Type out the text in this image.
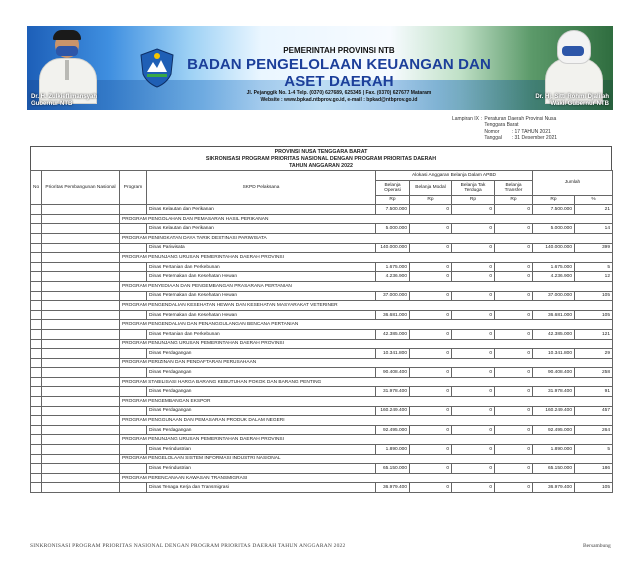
Dr. H. Zulkieflimansyah
Gubernur NTB
Dr. Hj. Sitti Rohmi Djalilah
Wakil Gubernur NTB
PEMERINTAH PROVINSI NTB
BADAN PENGELOLAAN KEUANGAN DAN ASET DAERAH
Jl. Pejanggik No. 1-4 Telp. (0370) 627689, 625345 | Fax. (0370) 627677 Mataram
Website : www.bpkad.ntbprov.go.id, e-mail : bpkad@ntbprov.go.id
Lampiran IX	:	Peraturan Daerah Provinsi Nusa
Tenggara Barat
		Nomor : 17 TAHUN 2021
		Tanggal : 31 Desember 2021
PROVINSI NUSA TENGGARA BARAT
SIKRONISASI PROGRAM PRIORITAS NASIONAL DENGAN PROGRAM PRIORITAS DAERAH
TAHUN ANGGARAN 2022
No	Prioritas Pembangunan Nasional	Program	SKPD Pelaksana	Alokasi Anggaran Belanja Dalam APBD				Jumlah	
				Belanja Operasi	Belanja Modal	Belanja Tak Terduga	Belanja Transfer		
				Rp	Rp	Rp	Rp	Rp	%
			Dinas Kelautan dan Perikanan	7.500.000	0	0	0	7.500.000	21
		PROGRAM PENGOLAHAN DAN PEMASARAN HASIL PERIKANAN							
			Dinas Kelautan dan Perikanan	5.000.000	0	0	0	5.000.000	14
		PROGRAM PENINGKATAN DAYA TARIK DESTINASI PARIWISATA							
			Dinas Pariwisata	140.000.000	0	0	0	140.000.000	399
		PROGRAM PENUNJANG URUSAN PEMERINTAHAN DAERAH PROVINSI							
			Dinas Pertanian dan Perkebunan	1.675.000	0	0	0	1.675.000	5
			Dinas Peternakan dan Kesehatan Hewan	4.236.900	0	0	0	4.236.900	12
		PROGRAM PENYEDIAAN DAN PENGEMBANGAN PRASARANA PERTANIAN							
			Dinas Peternakan dan Kesehatan Hewan	37.000.000	0	0	0	37.000.000	105
		PROGRAM PENGENDALIAN KESEHATAN HEWAN DAN KESEHATAN MASYARAKAT VETERINER							
			Dinas Peternakan dan Kesehatan Hewan	36.681.000	0	0	0	36.681.000	105
		PROGRAM PENGENDALIAN DAN PENANGGULANGAN BENCANA PERTANIAN							
			Dinas Pertanian dan Perkebunan	42.385.000	0	0	0	42.385.000	121
		PROGRAM PENUNJANG URUSAN PEMERINTAHAN DAERAH PROVINSI							
			Dinas Perdagangan	10.341.800	0	0	0	10.341.800	29
		PROGRAM PERIZINAN DAN PENDAFTARAN PERUSAHAAN							
			Dinas Perdagangan	90.408.400	0	0	0	90.408.400	258
		PROGRAM STABILISASI HARGA BARANG KEBUTUHAN POKOK DAN BARANG PENTING							
			Dinas Perdagangan	31.978.400	0	0	0	31.978.400	91
		PROGRAM PENGEMBANGAN EKSPOR							
			Dinas Perdagangan	160.249.400	0	0	0	160.249.400	457
		PROGRAM PENGGUNAAN DAN PEMASARAN PRODUK DALAM NEGERI							
			Dinas Perdagangan	92.495.000	0	0	0	92.495.000	264
		PROGRAM PENUNJANG URUSAN PEMERINTAHAN DAERAH PROVINSI							
			Dinas Perindustrian	1.890.000	0	0	0	1.890.000	5
		PROGRAM PENGELOLAAN SISTEM INFORMASI INDUSTRI NASIONAL							
			Dinas Perindustrian	65.150.000	0	0	0	65.150.000	186
		PROGRAM PERENCANAAN KAWASAN TRANSMIGRASI							
			Dinas Tenaga Kerja dan Transmigrasi	36.979.400	0	0	0	36.979.400	105
SINKRONISASI PROGRAM PRIORITAS NASIONAL DENGAN PROGRAM PRIORITAS DAERAH TAHUN ANGGARAN 2022	Bersambung
